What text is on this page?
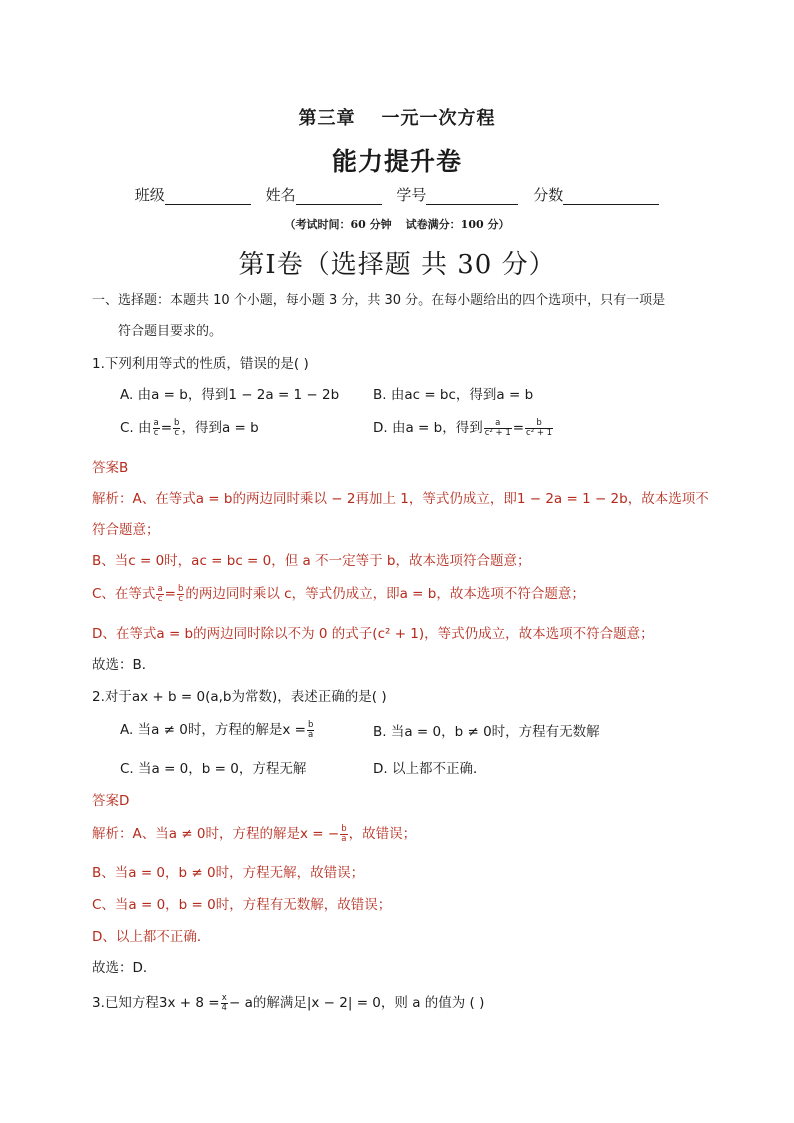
第三章 一元一次方程
能力提升卷
班级	姓名	学号	分数
（考试时间：60 分钟 试卷满分：100 分）
第Ⅰ卷（选择题 共 30 分）
一、选择题：本题共 10 个小题，每小题 3 分，共 30 分。在每小题给出的四个选项中，只有一项是
符合题目要求的。
1.下列利用等式的性质，错误的是( )
A. 由a = b，得到1 − 2a = 1 − 2b	B. 由ac = bc，得到a = b
C. 由 $\frac{a}{c} = \frac{b}{c}$ ，得到a = b	D. 由a = b，得到 $\frac{a}{\text{c² + 1}} = \frac{b}{\text{c² + 1}}$
答案B
解析：A、在等式a = b的两边同时乘以 − 2再加上 1，等式仍成立，即1 − 2a = 1 − 2b，故本选项不
符合题意；
B、当c = 0时，ac = bc = 0，但 a 不一定等于 b，故本选项符合题意；
C、在等式 $\frac{a}{c} = \frac{b}{c}$ 的两边同时乘以 c，等式仍成立，即a = b，故本选项不符合题意；
D、在等式a = b的两边同时除以不为 0 的式子(c² + 1)，等式仍成立，故本选项不符合题意；
故选：B．
2.对于ax + b = 0(a,b为常数)，表述正确的是( )
A. 当a ≠ 0时，方程的解是$x = \frac{b}{a}$	B. 当a = 0，b ≠ 0时，方程有无数解
C. 当a = 0，b = 0，方程无解	D. 以上都不正确．
答案D
解析：A、当a ≠ 0时，方程的解是x = − $\frac{b}{a}$ ，故错误；
B、当a = 0，b ≠ 0时，方程无解，故错误；
C、当a = 0，b = 0时，方程有无数解，故错误；
D、以上都不正确．
故选：D．
3.已知方程$3x + 8 = \frac{x}{4} - a$的解满足|x − 2| = 0，则 a 的值为 ( )
